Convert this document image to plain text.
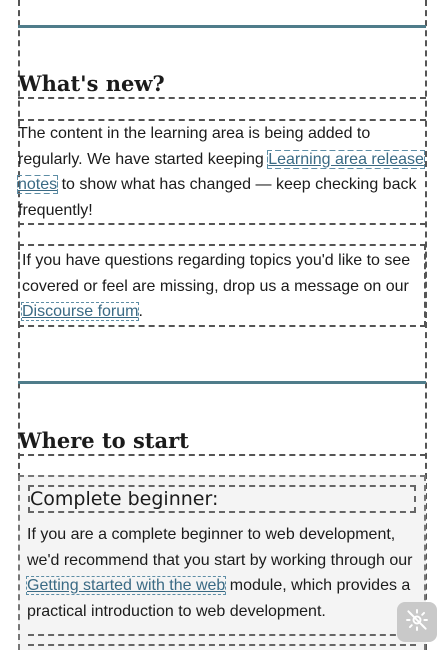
What's new?

The content in the learning area is being added to regularly. We have started keeping Learning area release notes to show what has changed — keep checking back frequently!

If you have questions regarding topics you'd like to see covered or feel are missing, drop us a message on our Discourse forum.

Where to start
Complete beginner:

If you are a complete beginner to web development, we'd recommend that you start by working through our Getting started with the web module, which provides a practical introduction to web development.
